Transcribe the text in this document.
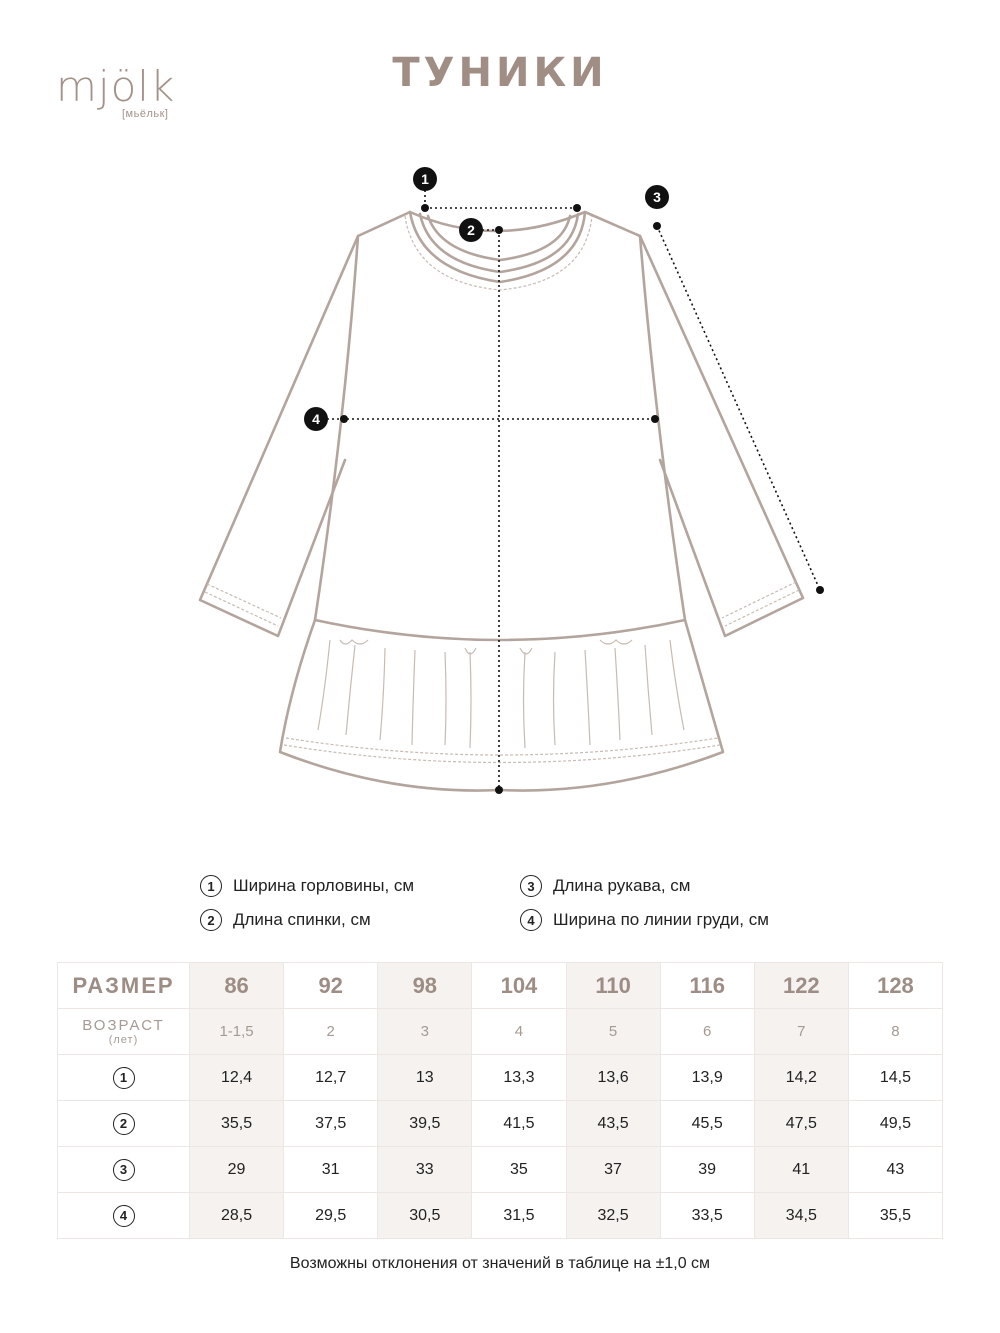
mjölk
[мьёльк]
ТУНИКИ
1
2
3
4
1	Ширина горловины, см
2	Длина спинки, см
3	Длина рукава, см
4	Ширина по линии груди, см
РАЗМЕР	86	92	98	104	110	116	122	128
ВОЗРАСТ
(лет)	1-1,5	2	3	4	5	6	7	8
1	12,4	12,7	13	13,3	13,6	13,9	14,2	14,5
2	35,5	37,5	39,5	41,5	43,5	45,5	47,5	49,5
3	29	31	33	35	37	39	41	43
4	28,5	29,5	30,5	31,5	32,5	33,5	34,5	35,5
Возможны отклонения от значений в таблице на ±1,0 см
